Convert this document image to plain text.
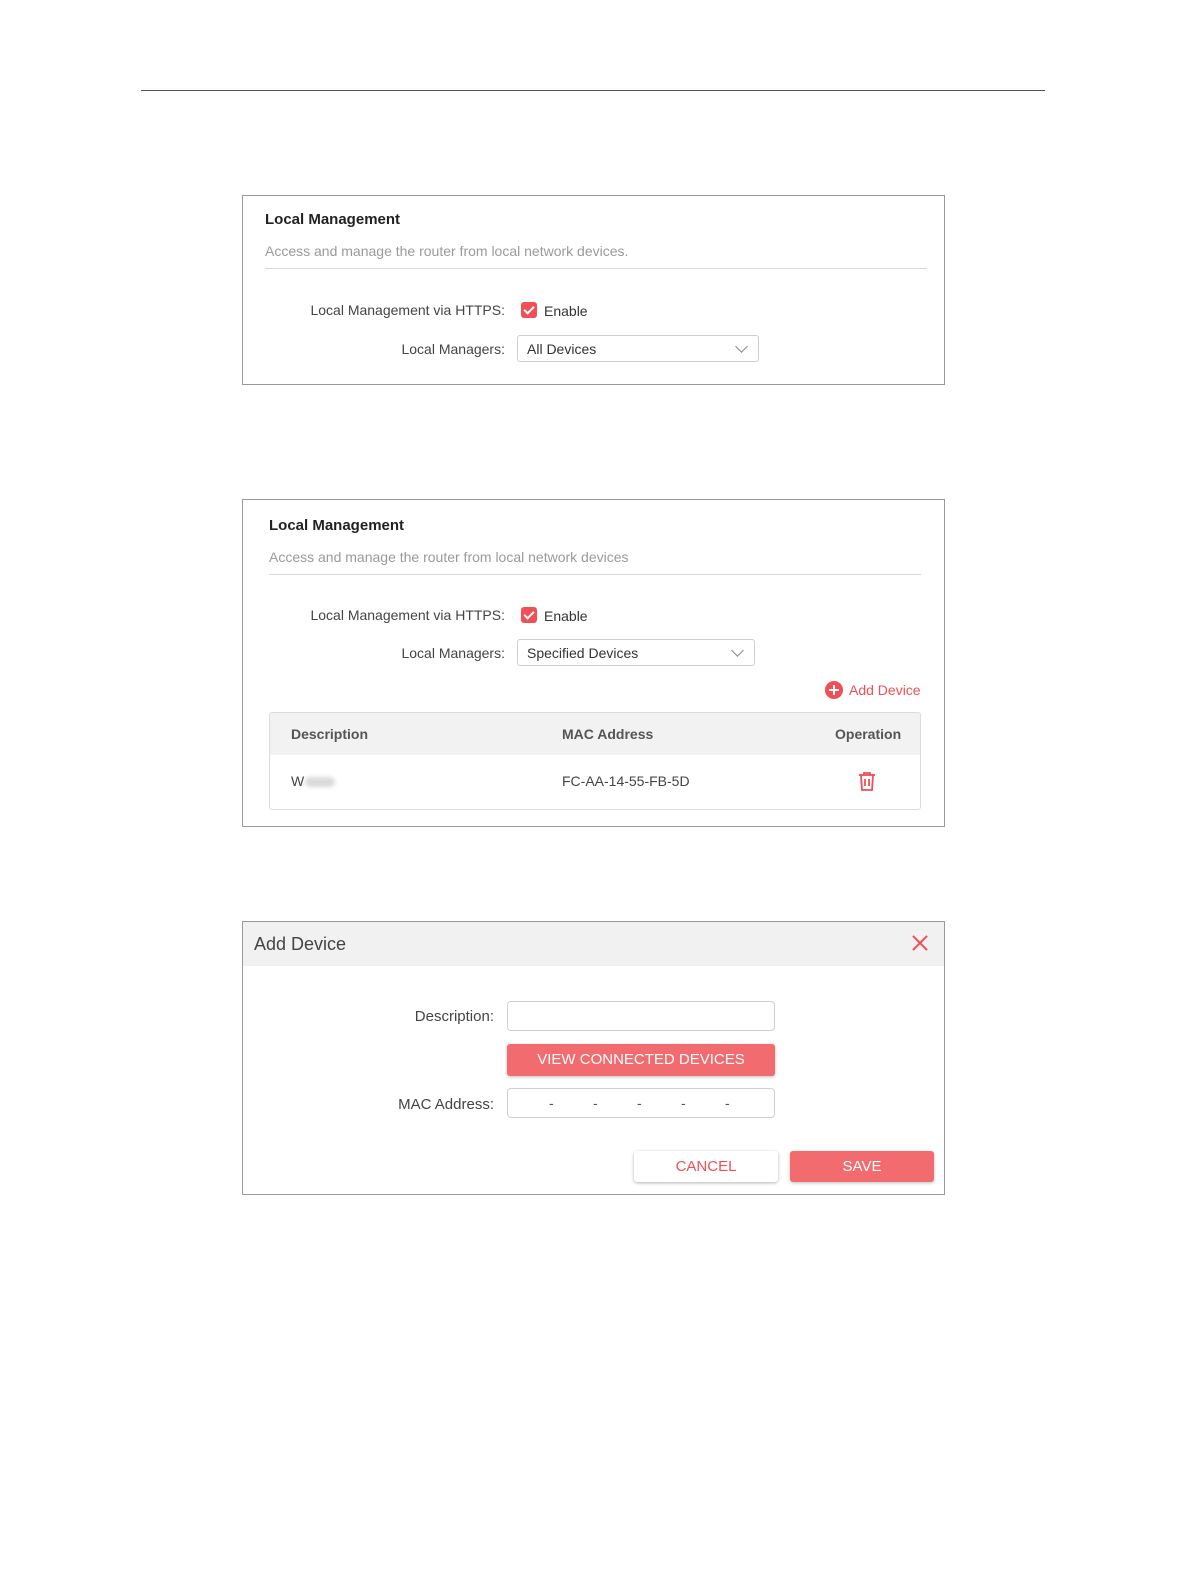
Local Management
Access and manage the router from local network devices.
Local Management via HTTPS:	Enable
Local Managers: All Devices
Local Management
Access and manage the router from local network devices
Local Management via HTTPS:	Enable
Local Managers: Specified Devices
Add Device
Description	MAC Address	Operation
W	FC-AA-14-55-FB-5D
Add Device
Description:
VIEW CONNECTED DEVICES
MAC Address:	-	-	-	-	-
CANCEL	SAVE
